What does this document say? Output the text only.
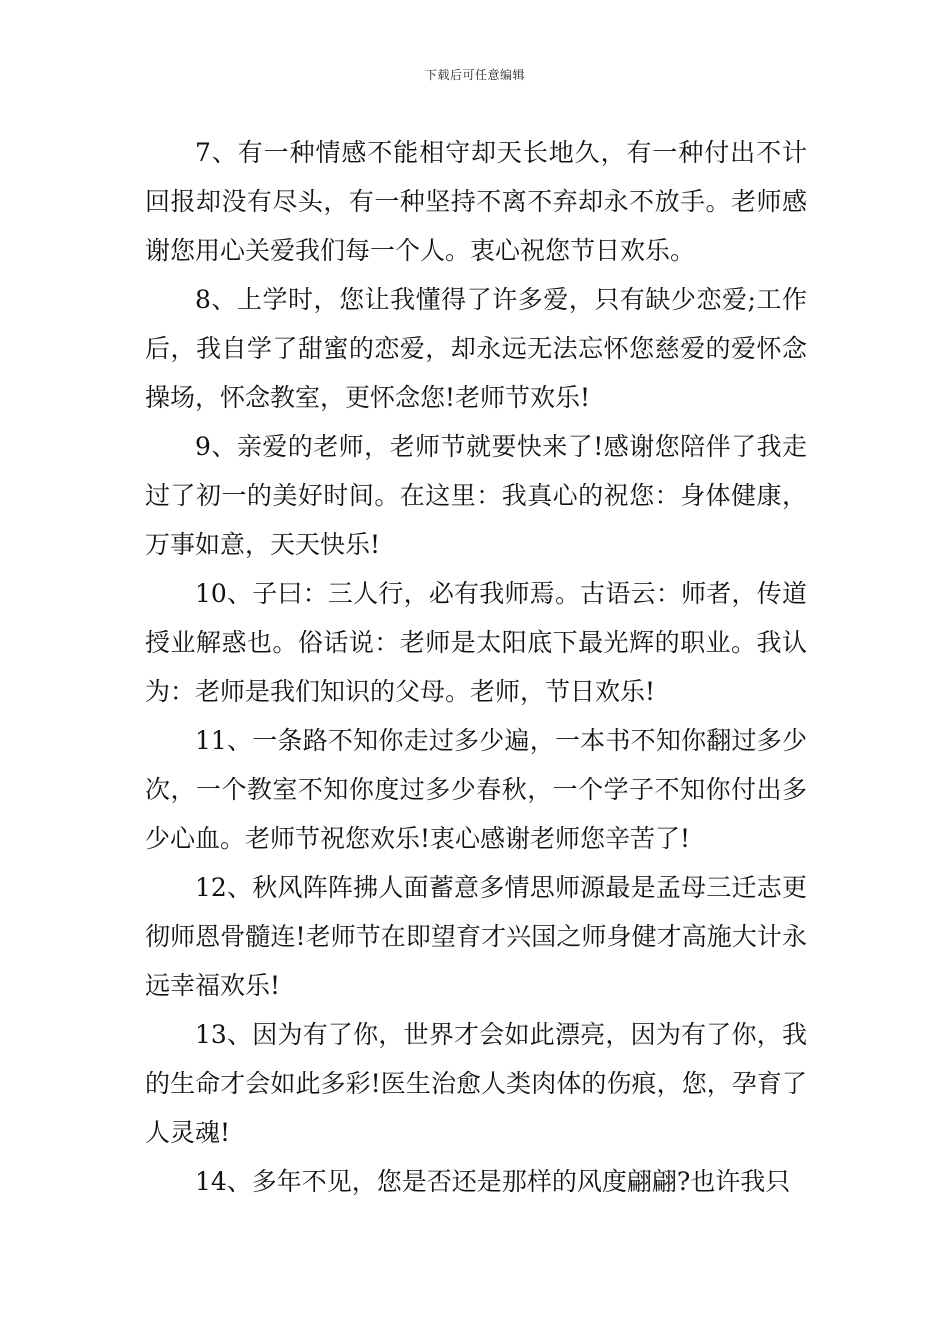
下载后可任意编辑

7、有一种情感不能相守却天长地久，有一种付出不计回报却没有尽头，有一种坚持不离不弃却永不放手。老师感谢您用心关爱我们每一个人。衷心祝您节日欢乐。

8、上学时，您让我懂得了许多爱，只有缺少恋爱;工作后，我自学了甜蜜的恋爱，却永远无法忘怀您慈爱的爱怀念操场，怀念教室，更怀念您!老师节欢乐!

9、亲爱的老师，老师节就要快来了!感谢您陪伴了我走过了初一的美好时间。在这里：我真心的祝您：身体健康，万事如意，天天快乐!

10、子曰：三人行，必有我师焉。古语云：师者，传道授业解惑也。俗话说：老师是太阳底下最光辉的职业。我认为：老师是我们知识的父母。老师，节日欢乐!

11、一条路不知你走过多少遍，一本书不知你翻过多少次，一个教室不知你度过多少春秋，一个学子不知你付出多少心血。老师节祝您欢乐!衷心感谢老师您辛苦了!

12、秋风阵阵拂人面蓄意多情思师源最是孟母三迁志更彻师恩骨髓连!老师节在即望育才兴国之师身健才高施大计永远幸福欢乐!

13、因为有了你，世界才会如此漂亮，因为有了你，我的生命才会如此多彩!医生治愈人类肉体的伤痕，您，孕育了人灵魂!

14、多年不见，您是否还是那样的风度翩翩?也许我只
